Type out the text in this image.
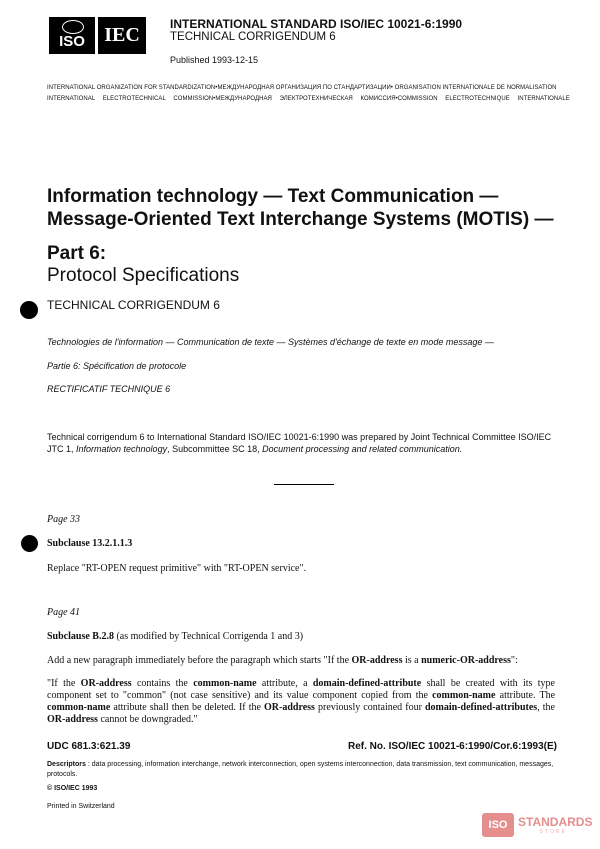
ISO IEC	INTERNATIONAL STANDARD ISO/IEC 10021-6:1990
TECHNICAL CORRIGENDUM 6
Published 1993-12-15
INTERNATIONAL ORGANIZATION FOR STANDARDIZATION•МЕЖДУНАРОДНАЯ ОРГАНИЗАЦИЯ ПО СТАНДАРТИЗАЦИИ• ORGANISATION INTERNATIONALE DE NORMALISATION
INTERNATIONAL ELECTROTECHNICAL COMMISSION•МЕЖДУНАРОДНАЯ ЭЛЕКТРОТЕХНИЧЕСКАЯ КОМИССИЯ•COMMISSION ELECTROTECHNIQUE INTERNATIONALE
Information technology — Text Communication — Message-Oriented Text Interchange Systems (MOTIS) —
Part 6:
Protocol Specifications
TECHNICAL CORRIGENDUM 6
Technologies de l'information — Communication de texte — Systèmes d'échange de texte en mode message —
Partie 6: Spécification de protocole
RECTIFICATIF TECHNIQUE 6
Technical corrigendum 6 to International Standard ISO/IEC 10021-6:1990 was prepared by Joint Technical Committee ISO/IEC JTC 1, Information technology, Subcommittee SC 18, Document processing and related communication.
Page 33
Subclause 13.2.1.1.3
Replace "RT-OPEN request primitive" with "RT-OPEN service".
Page 41
Subclause B.2.8 (as modified by Technical Corrigenda 1 and 3)
Add a new paragraph immediately before the paragraph which starts "If the OR-address is a numeric-OR-address":
"If the OR-address contains the common-name attribute, a domain-defined-attribute shall be created with its type component set to "common" (not case sensitive) and its value component copied from the common-name attribute. The common-name attribute shall then be deleted. If the OR-address previously contained four domain-defined-attributes, the OR-address cannot be downgraded."
UDC 681.3:621.39	Ref. No. ISO/IEC 10021-6:1990/Cor.6:1993(E)
Descriptors : data processing, information interchange, network interconnection, open systems interconnection, data transmission, text communication, messages, protocols.
© ISO/IEC 1993
Printed in Switzerland
ISO STANDARDS
STORE
